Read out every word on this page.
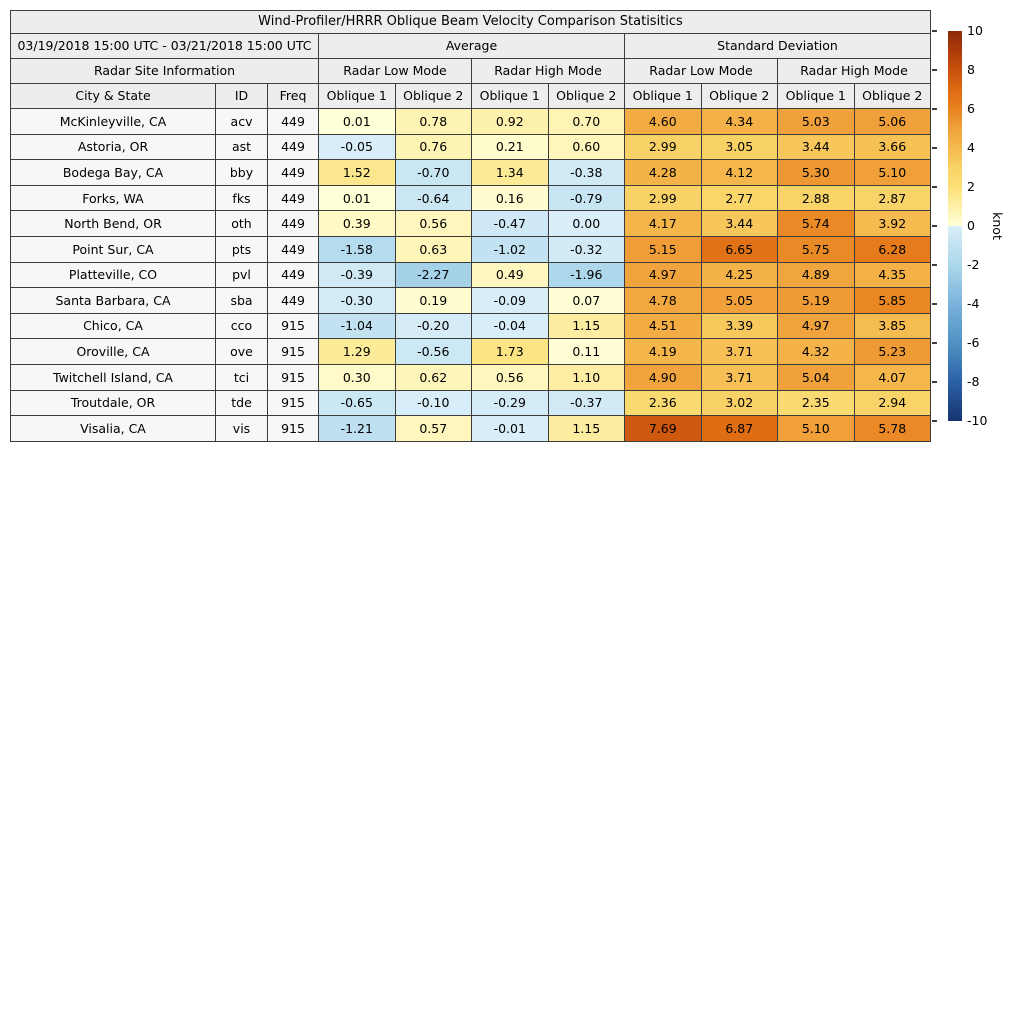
Wind-Profiler/HRRR Oblique Beam Velocity Comparison Statisitics										
03/19/2018 15:00 UTC - 03/21/2018 15:00 UTC			Average				Standard Deviation			
Radar Site Information			Radar Low Mode		Radar High Mode		Radar Low Mode		Radar High Mode	
City & State	ID	Freq	Oblique 1	Oblique 2	Oblique 1	Oblique 2	Oblique 1	Oblique 2	Oblique 1	Oblique 2
McKinleyville, CA	acv	449	0.01	0.78	0.92	0.70	4.60	4.34	5.03	5.06
Astoria, OR	ast	449	-0.05	0.76	0.21	0.60	2.99	3.05	3.44	3.66
Bodega Bay, CA	bby	449	1.52	-0.70	1.34	-0.38	4.28	4.12	5.30	5.10
Forks, WA	fks	449	0.01	-0.64	0.16	-0.79	2.99	2.77	2.88	2.87
North Bend, OR	oth	449	0.39	0.56	-0.47	0.00	4.17	3.44	5.74	3.92
Point Sur, CA	pts	449	-1.58	0.63	-1.02	-0.32	5.15	6.65	5.75	6.28
Platteville, CO	pvl	449	-0.39	-2.27	0.49	-1.96	4.97	4.25	4.89	4.35
Santa Barbara, CA	sba	449	-0.30	0.19	-0.09	0.07	4.78	5.05	5.19	5.85
Chico, CA	cco	915	-1.04	-0.20	-0.04	1.15	4.51	3.39	4.97	3.85
Oroville, CA	ove	915	1.29	-0.56	1.73	0.11	4.19	3.71	4.32	5.23
Twitchell Island, CA	tci	915	0.30	0.62	0.56	1.10	4.90	3.71	5.04	4.07
Troutdale, OR	tde	915	-0.65	-0.10	-0.29	-0.37	2.36	3.02	2.35	2.94
Visalia, CA	vis	915	-1.21	0.57	-0.01	1.15	7.69	6.87	5.10	5.78
knot
10
8
6
4
2
0
-2
-4
-6
-8
-10
